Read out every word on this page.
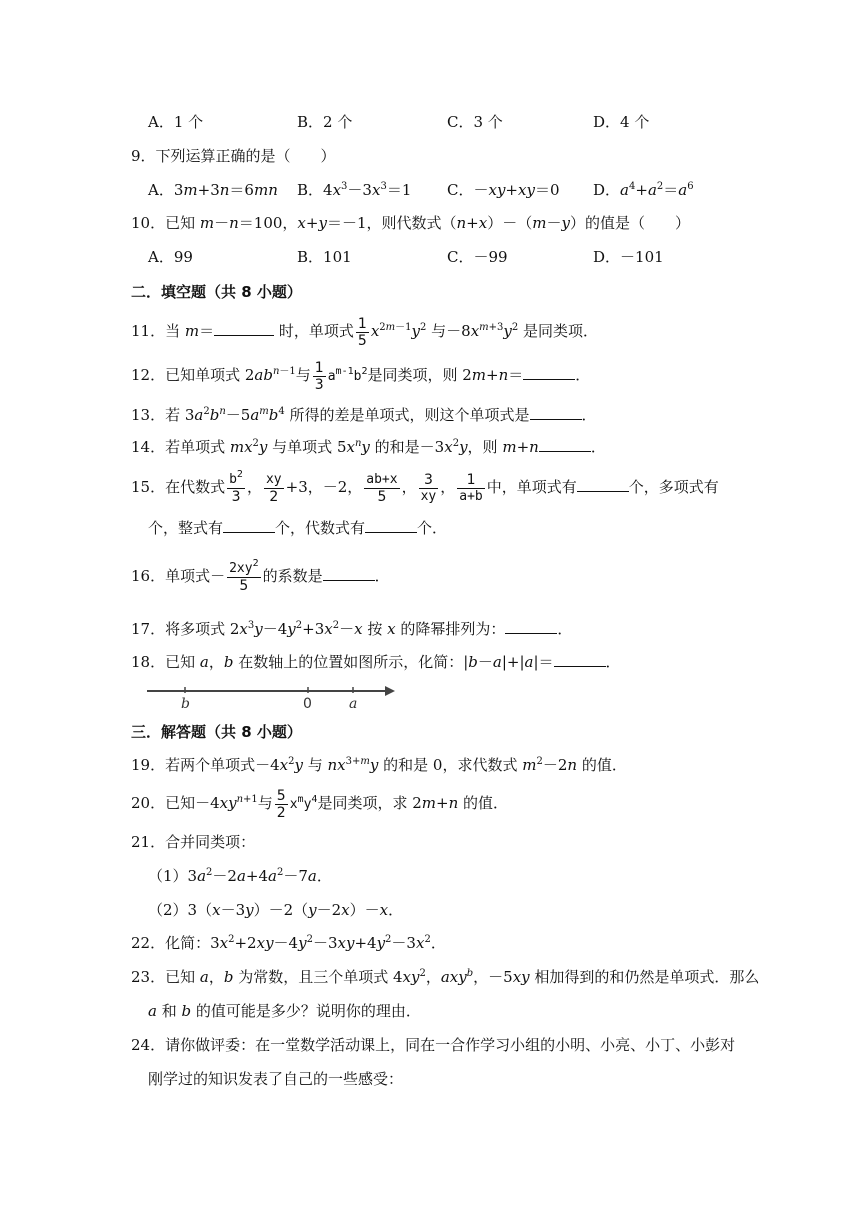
A．1 个	B．2 个	C．3 个	D．4 个
9．下列运算正确的是（　　）
A．3m+3n＝6mn B．$4x^3-3x^3=1$ C．－xy+xy＝0 D．$a^4+a^2=a^6$
10．已知 m－n＝100，x+y＝－1，则代数式（n+x）－（m－y）的值是（　　）
A．99	B．101	C．－99	D．－101
二．填空题（共 8 小题）
11．当 m＝	时，单项式 $\frac{1}{5} x^{2m-1}y^2$ 与$-8x^{m+3}y^2$ 是同类项．
12．已知单项式 $2ab^{n-1}$与 $\frac{1}{3} a^{m-1}b^2$是同类项，则 2m+n＝	．
13．若 $3a^2b^n-5a^mb^4$ 所得的差是单项式，则这个单项式是	．
14．若单项式 $mx^2y$ 与单项式 $5x^ny$ 的和是$-3x^2y$，则 m+n	．
15．在代数式 $\frac{b^2}{3}$ ， $\frac{xy}{2} +3$，－2， $\frac{ab+x}{5}$ ， $\frac{3}{xy}$ ， $\frac{1}{a+b}$ 中，单项式有	个，多项式有
个，整式有	个，代数式有	个．
16．单项式－ $\frac{2xy^2}{5}$ 的系数是	．
17．将多项式 $2x^3y-4y^2+3x^2-x$ 按 x 的降幂排列为：	．
18．已知 a，b 在数轴上的位置如图所示，化简：|b－a|+|a|＝	．
b	0	a
三．解答题（共 8 小题）
19．若两个单项式$-4x^2y$ 与 $nx^{3+m}y$ 的和是 0，求代数式 $m^2-2n$ 的值．
20．已知$-4xy^{n+1}$与 $\frac{5}{2} x^my^4$是同类项，求 2m+n 的值．
21．合并同类项：
$(1)3a^2-2a+4a^2-7a$．
（2）3（x－3y）－2（y－2x）－x．
22．化简：$3x^2+2xy-4y^2-3xy+4y^2-3x^2$．
23．已知 a，b 为常数，且三个单项式 $4xy^2$，axy$^b$，－5xy 相加得到的和仍然是单项式．那么
a 和 b 的值可能是多少？说明你的理由．
24．请你做评委：在一堂数学活动课上，同在一合作学习小组的小明、小亮、小丁、小彭对
刚学过的知识发表了自己的一些感受：
